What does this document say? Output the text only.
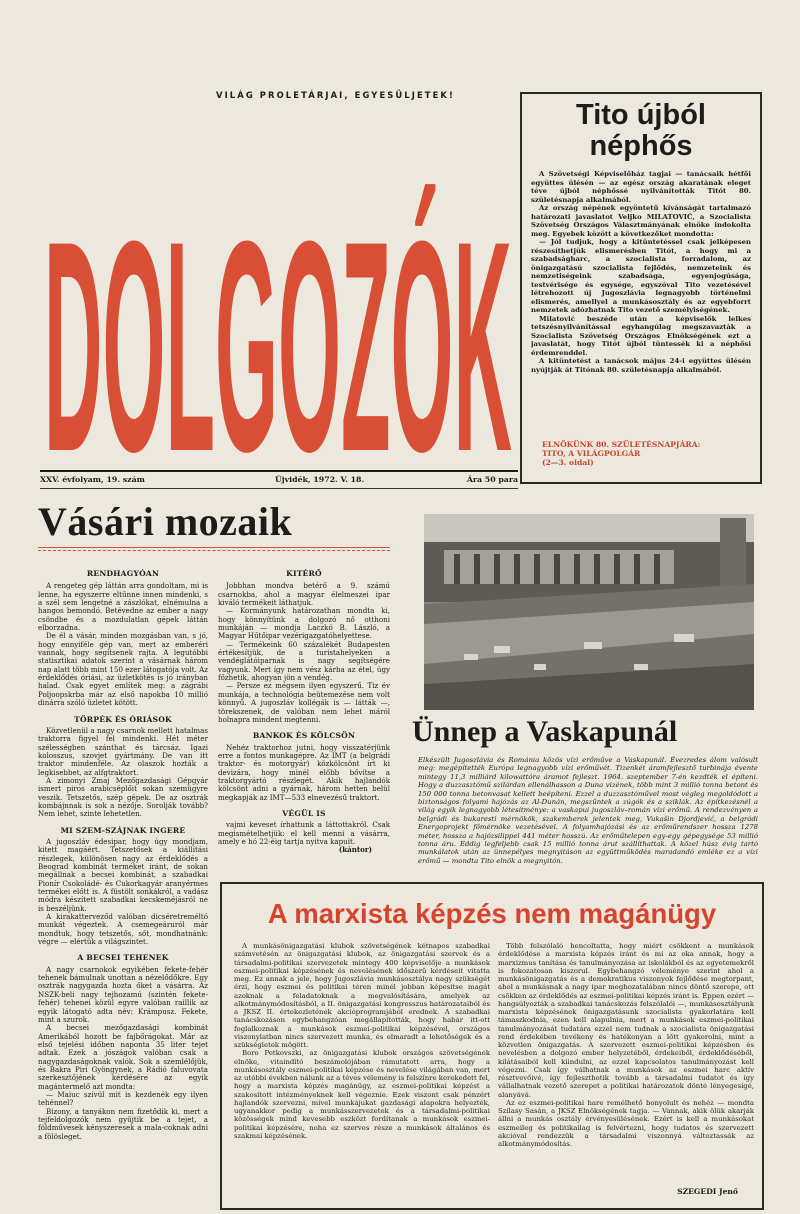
VILÁG PROLETÁRJAI, EGYESÜLJETEK!
DOLGOZÓK
XXV. évfolyam, 19. szám	Újvidék, 1972. V. 18.	Ára 50 para
Tito újból
néphős

A Szövetségi Képviselőház tagjai — tanácsaik hétfői együttes ülésén — az egész ország akaratának eleget téve újból néphőssé nyilvánították Titót 80. születésnapja alkalmából.

Az ország népének egyöntetű kívánságát tartalmazó határozati javaslatot Veljko MILATOVIĆ, a Szocialista Szövetség Országos Választmányának elnöke indokolta meg. Egyebek között a következőket mondotta:

— Jól tudjuk, hogy a kitüntetéssel csak jelképesen részesíthetjük elismerésben Titót, a hogy mi a szabadságharc, a szocialista forradalom, az önigazgatású szocialista fejlődés, nemzeteink és nemzetiségeink szabadsága, egyenjogúsága, testvérisége és egysége, egyszóval Tito vezetésével létrehozott új Jugoszlávia legnagyobb történelmi elismerés, amellyel a munkásosztály és az egyebforrt nemzetek adózhatnak Tito vezető személyiségének.

Milatović beszéde után a képviselők lelkes tetszésnyilvánítással egyhangúlag megszavazták a Szocialista Szövetség Országos Elnökségének ezt a javaslatát, hogy Titót újból tüntessék ki a néphősi érdemrenddel.

A kitüntetést a tanácsok május 24-i együttes ülésén nyújtják át Titónak 80. születésnapja alkalmából.

ELNÖKÜNK 80. SZÜLETÉSNAPJÁRA:
TITO, A VILÁGPOLGÁR
(2—3. oldal)
Vásári mozaik
RENDHAGYÓAN

A rengeteg gép láttán arra gondoltam, mi is lenne, ha egyszerre eltűnne innen mindenki, s a szél sem lengetné a zászlókat, elnémulna a hangos bemondó. Betévedne az ember a nagy csöndbe és a mozdulatlan gépek láttán elborzadna.

De él a vásár, minden mozgásban van, s jó, hogy ennyiféle gép van, mert az emberéri vannak, hogy segítsenek rajta. A legutóbbi statisztikai adatok szerint a vásárnak három nap alatt több mint 150 ezer látogatója volt. Az érdeklődés óriási, az üzletkötés is jó irányban halad. Csak egyet említek meg: a zágrábi Poljoopskrba már az első napokba 10 millió dinárra szóló üzletet kötött.

TÖRPÉK ÉS ÓRIÁSOK

Közvetlenül a nagy csarnok mellett hatalmas traktorra figyel fel mindenki. Hét méter szélességben szánthat és tárcsáz. Igazi kolosszus, szovjet gyártmány. De van itt traktor mindenféle. Az olaszok hozták a legkisebbet, az alfgtraktort.

A zimonyi Zmaj Mezőgazdasági Gépgyár ismert piros arabicséplőit sokan szemügyre veszik. Tetszetős, szép gépek. De az osztrák kombájnnak is sok a nézője. Sorolják tovább? Nem lehet, szinte lehetetlen.

MI SZEM-SZÁJNAK INGERE

A jugoszláv édesipar, hogy úgy mondjam, kitett magáért. Tetszetősek a kiállítási részlegek, különösen nagy az érdeklődés a Beograd kombinát terméket iránt, de sokan megállnak a becsei kombinát, a szabadkai Pionír Csokoládé- és Cukorkagyár aranyérmes termékei előtt is. A füstölt sonkákról, a vadász módra készített szabadkai kecskeméjásról ne is beszéljünk.

A kirakatterveződ valóban dicséretreméltó munkát végeztek. A csemegeáruról már mondtuk, hogy tetszetős, sőt, mondhatnánk: végre — elértük a világszintet.

A BECSEI TEHENEK

A nagy csarnokok egyikében fekete-fehér tehenek bámulnak unottan a nézelődőkre. Egy osztrák nagygazda hozta őket a vásárra. Az NSZK-beli nagy tejhozamú (szintén fekete-fehér) tehenei közül egyre valóban raillik az egyik látogató adta név: Krámpusz. Fekete, mint a szurok.

A becsei mezőgazdasági kombinát Amerikából hozott be fajbőrágokat. Már az első tejelési időben naponta 35 liter tejet adtak. Ezek a jószágok valóban csak a nagygazdaságoknak valók. Sok a szemlélőjük, és Bakra Piri Gyöngynek, a Rádió faluvovata szerkesztőjének kérdésére az egyik magántermelő azt mondta:

— Maiuc szívül mit is kezdenék egy ilyen tehénnel?

Bizony, a tanyákon nem fizetődik ki, mert a tejfeldolgozók nem gyűjtik be a tejet, a földművesek kényszeresek a mala-coknak adni a fölösleget.

KITÉRŐ

Jobbhan mondva betérő a 9. számú csarnokba, ahol a magyar élelmeszei ipar kiváló termékeit láthatjuk.

— Kormányunk határozathan mondta ki, hogy könnyítünk a dolgozó nő otthoni munkáján — mondja Laczkó B. László, a Magyar Hűtőipar vezérigazgatóhelyettese.

— Termékeink 60 százalékét Budapesten értékesítjük, de a turistahelyeken a vendéglátóiparnak is nagy segítségére vagyunk. Mert így nem vész kárba az étel, úgy főzhetik, ahogyan jön a vendég.

— Persze ez mégsem ilyen egyszerű. Tiz év munkája, a technológia beütemezése nem volt könnyű. A jugoszláv kollégák is — látták —, törekszenek, de valóban nem lehet máról holnapra mindent megtenni.

BANKOK ÉS KÖLCSÖN

Nehéz traktorhoz jutni, hogy visszatérjünk erre a fontos munkagépre. Az IMT (a belgrádi traktor- és motorgyár) közkölcsönt írt ki devizára, hogy minél előbb bővítse a traktorgyártó részlegét. Akik hajlandók kölcsönt adni a gyárnak, három hetten belül megkapják az IMT—533 elnevezésű traktort.

VÉGÜL IS

vajmi keveset írhattunk a láttottakról. Csak megismételhetjük: el kell menni a vásárra, amely e hó 22-éig tartja nyitva kapuit.

(kántor)
Ünnep a Vaskapunál
Elkészült Jugoszlávia és Románia közös vízi erőműve a Vaskapunál. Évezredes álom valósult meg: megépítették Európa legnagyobb vízi erőművét. Tizenkét áramfejlesztő turbinája évente mintegy 11,3 milliárd kilowattóra áramot fejleszt. 1964. szeptember 7-én kezdték el építeni. Hogy a duzzasztómű szilárdan ellenálhasson a Duna vizének, több mint 3 millió tonna betont és 150 000 tonna betonvasat kellett beépíteni. Ezzel a duzzasztóművel most végleg megoldódott a biztonságos folyami hajózás az Al-Dunán, megszűntek a zúgók és a sziklák. Az építkezésnél a világ egyik legnagyobb létesítménye: a vaskapui jugoszláv–román vízi erőmű. A rendezvényen a belgrádi és bukaresti mérnökök, szakemberek jelentek meg, Vukašin Djordjević, a belgrádi Energoprojekt főmérnöke vezetésével. A folyamhajózási és az erőműrendszer hossza 1278 méter, hossza a hajózsilippel 441 méter hosszú. Az erőműtelepen egy-egy gépegysége 53 millió tonna áru. Eddig legfeljebb csak 15 millió tonna árut szállíthattak. A közel húsz évig tartó munkálatok után az ünnepélyes megnyitáson az együttműködés maradandó emléke ez a vízi erőmű — mondta Tito elnök a megnyitón.
A marxista képzés nem magánügy

A munkásönigazgatási klubok szövetségének kétnapos szabadkai számvetésén az önigazgatási klubok, az önigazgatási szervek és a társadalmi-politikai szervezetek mintegy 400 képviselője a munkások eszmei-politikai képzésének és nevelésének időszerű kérdéseit vitatta meg. Ez annak a jele, hogy Jugoszlávia munkásosztálya nagy szükségét érzi, hogy eszmei és politikai téren minél jobban képesítse magát azoknak a feladatoknak a megvalósítására, amelyek az alkotmánymódosításból, a II. önigazgatási kongresszus határozataiból és a JKSZ II. értekezletének akcióprogramjából erednek. A szabadkai tanácskozáson egybehangzóan megállapították, hogy habár itt-ott foglalkoznak a munkások eszmei-politikai képzésével, országos viszonylatban nincs szervezett munka, és elmaradt a lehetőségek és a szükségletek mögött.

Boro Petkovszki, az önigazgatási klubok országos szövetségének elnöke, vitaindító beszámolójában rámutatott arra, hogy a munkásosztály eszmei-politikai képzése és nevelése világában van, mert az utóbbi években nálunk az a téves vélemény is felszínre kerekedett fel, hogy a marxista képzés magánügy, az eszmei-politikai képzést a szakosított intézményeknek kell végeznie. Ezek viszont csak pénzért hajlandók szervezni, mivel munkájukat gazdasági alapokra helyezték, ugyanakkor pedig a munkásszervezetek és a társadalmi-politikai közösségek mind kevesebb eszközt fordítanak a munkások eszmei-politikai képzésére, noha ez szerves része a munkások általános és szakmai képzésének.

Több felszólaló hencoltatta, hogy miért csökkent a munkások érdeklődése a marxista képzés iránt és mi az oka annak, hogy a marxizmus tanítása és tanulmányozása az iskolákból és az egyetemekről is fokozatosan kiszorul. Egybehangzó véleménye szerint ahol a munkásönigazgatás és a demokratikus viszonyok fejlődése megtorpant, ahol a munkásnak a nagy ipar meghozatalában nincs döntő szerepe, ott csökken az érdeklődés az eszmei-politikai képzés iránt is. Éppen ezért — hangsúlyozták a szabadkai tanácskozás felszólalói —, munkásosztályunk marxista képzésének önigazgatásunk szocialista gyakorlatára kell támaszkodnia, ezen kell alapulnia, mert a munkások eszmei-politikai tanulmányozását tudatára ezzel nem tudnak a szocialista önigazgatási rend érdekében tevékeny és hatékonyan a lőtt gyakorolni, mint a közvetlen önigazgatás. A szervezett eszmei-politikai képzésben és nevelésben a dolgozó ember helyzetéből, érdekeiből, érdeklődéséből, kilátásaiból kell kiindulni, az ezzel kapcsolatos tanulmányozást kell végezni. Csak így válhatnak a munkások az eszmei harc aktív résztvevőivé, így fejleszthetik tovább a társadalmi tudatot és így vállalhatnak vezető szerepet a politikai határozatok dönté lényegesígé, alanyává.

Az ez eszmei-politikai hare remélhető bonyolult és nehéz — mondta Szilasy Sasán, a JKSZ Elnökségének tagja. — Vannak, akik ölük akarják állni a munkás osztály érvényesülésének. Ezért is kell a munkásokat eszmeileg és politikailag is felvértezni, hogy tudatos és szervezett akcióval rendezzük a társadalmi viszonnyá változtassák az alkotmánymódosítás.

SZEGEDI Jenő
